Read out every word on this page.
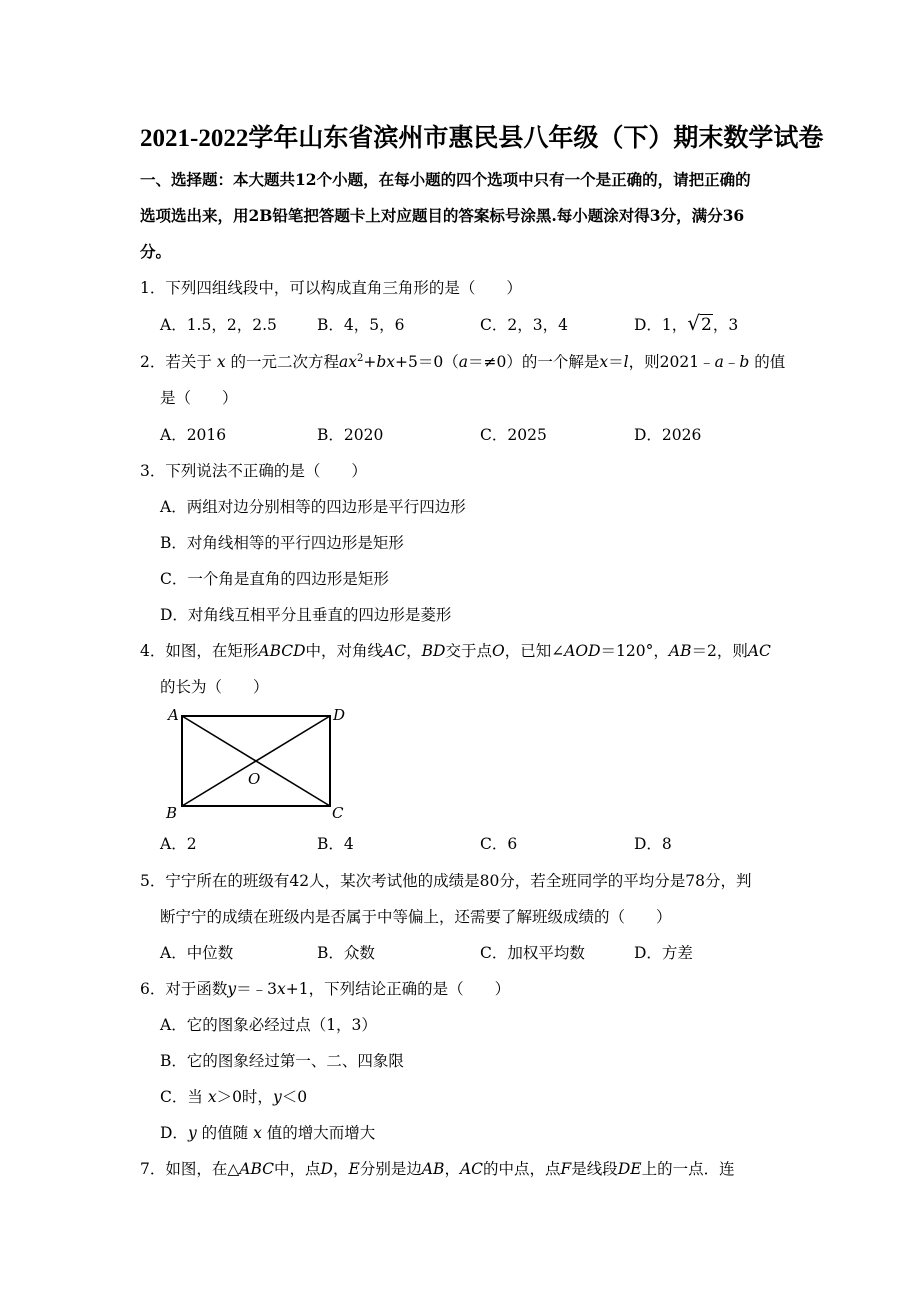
2021-2022学年山东省滨州市惠民县八年级（下）期末数学试卷
一、选择题：本大题共12个小题，在每小题的四个选项中只有一个是正确的，请把正确的
选项选出来，用2B铅笔把答题卡上对应题目的答案标号涂黑.每小题涂对得3分，满分36
分。
1．下列四组线段中，可以构成直角三角形的是（　　）
A．1.5，2，2.5	B．4，5，6	C．2，3，4	D．1，√2，3
2．若关于 x 的一元二次方程$ax^2+bx+5=0(a=\ne 0)$的一个解是x＝l，则2021﹣a﹣b 的值
是（　　）
A．2016	B．2020	C．2025	D．2026
3．下列说法不正确的是（　　）
A．两组对边分别相等的四边形是平行四边形
B．对角线相等的平行四边形是矩形
C．一个角是直角的四边形是矩形
D．对角线互相平分且垂直的四边形是菱形
4．如图，在矩形ABCD中，对角线AC，BD交于点O，已知∠AOD＝120°，AB＝2，则AC
的长为（　　）
A	D
B	C
O
A．2	B．4	C．6	D．8
5．宁宁所在的班级有42人，某次考试他的成绩是80分，若全班同学的平均分是78分，判
断宁宁的成绩在班级内是否属于中等偏上，还需要了解班级成绩的（　　）
A．中位数	B．众数	C．加权平均数	D．方差
6．对于函数y＝﹣3x+1，下列结论正确的是（　　）
A．它的图象必经过点（1，3）
B．它的图象经过第一、二、四象限
C．当 x＞0时，y＜0
D．y 的值随 x 值的增大而增大
7．如图，在△ABC中，点D，E分别是边AB，AC的中点，点F是线段DE上的一点．连
